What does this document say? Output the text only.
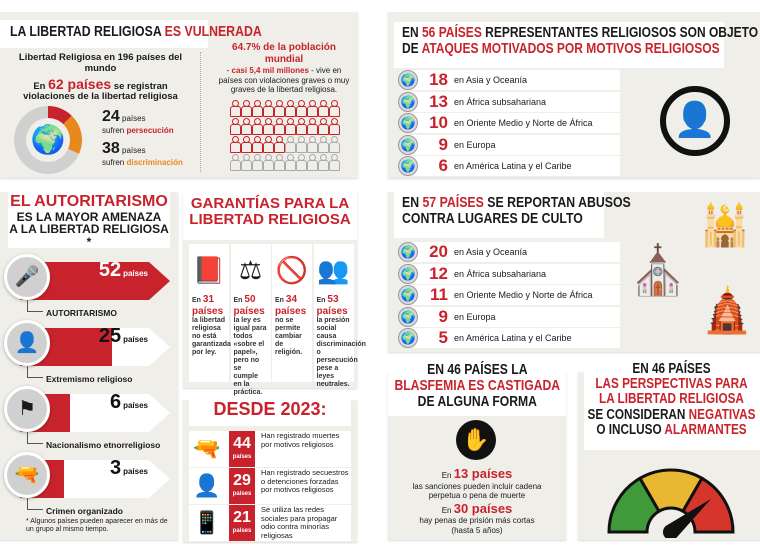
LA LIBERTAD RELIGIOSA ES VULNERADA
Libertad Religiosa en 196 países del mundo
En 62 países se registran violaciones de la libertad religiosa
🌍
24 países
sufren persecución
38 países
sufren discriminación
64.7% de la población mundial
- casi 5,4 mil millones - vive en países con violaciones graves o muy graves de la libertad religiosa.
EL AUTORITARISMO
ES LA MAYOR AMENAZA
A LA LIBERTAD RELIGIOSA *
52 países
🎤
AUTORITARISMO
25 países
👤
Extremismo religioso
6 países
⚑
Nacionalismo etnorreligioso
3 países
🔫
Crimen organizado
* Algunos países pueden aparecer en más de un grupo al mismo tiempo.
GARANTÍAS PARA LA
LIBERTAD RELIGIOSA
📕
En 31 países la libertad religiosa no está garantizada por ley.
⚖
En 50 países la ley es igual para todos «sobre el papel», pero no se cumple en la práctica.
🚫
En 34 países no se permite cambiar de religión.
👥
En 53 países la presión social causa discriminación o persecución pese a leyes neutrales.
DESDE 2023:
🔫 44
países
Han registrado muertes por motivos religiosos
👤 29
países
Han registrado secuestros o detenciones forzadas por motivos religiosos
📱 21
países
Se utiliza las redes sociales para propagar odio contra minorías religiosas
EN 56 PAÍSES REPRESENTANTES RELIGIOSOS SON OBJETO
DE ATAQUES MOTIVADOS POR MOTIVOS RELIGIOSOS
🌍 18 en Asia y Oceanía
🌍 13 en África subsahariana
🌍 10 en Oriente Medio y Norte de África
🌍	9 en Europa
🌍	6 en América Latina y el Caribe
👤
EN 57 PAÍSES SE REPORTAN ABUSOS
CONTRA LUGARES DE CULTO
🌍 20 en Asia y Oceanía
🌍 12 en África subsahariana
🌍 11 en Oriente Medio y Norte de África
🌍	9 en Europa
🌍	5 en América Latina y el Caribe
⛪
🕌
🛕
EN 46 PAÍSES LA
BLASFEMIA ES CASTIGADA
DE ALGUNA FORMA
✋
En 13 países
las sanciones pueden incluir cadena perpetua o pena de muerte
En 30 países
hay penas de prisión más cortas (hasta 5 años)
EN 46 PAÍSES
LAS PERSPECTIVAS PARA
LA LIBERTAD RELIGIOSA
SE CONSIDERAN NEGATIVAS
O INCLUSO ALARMANTES
